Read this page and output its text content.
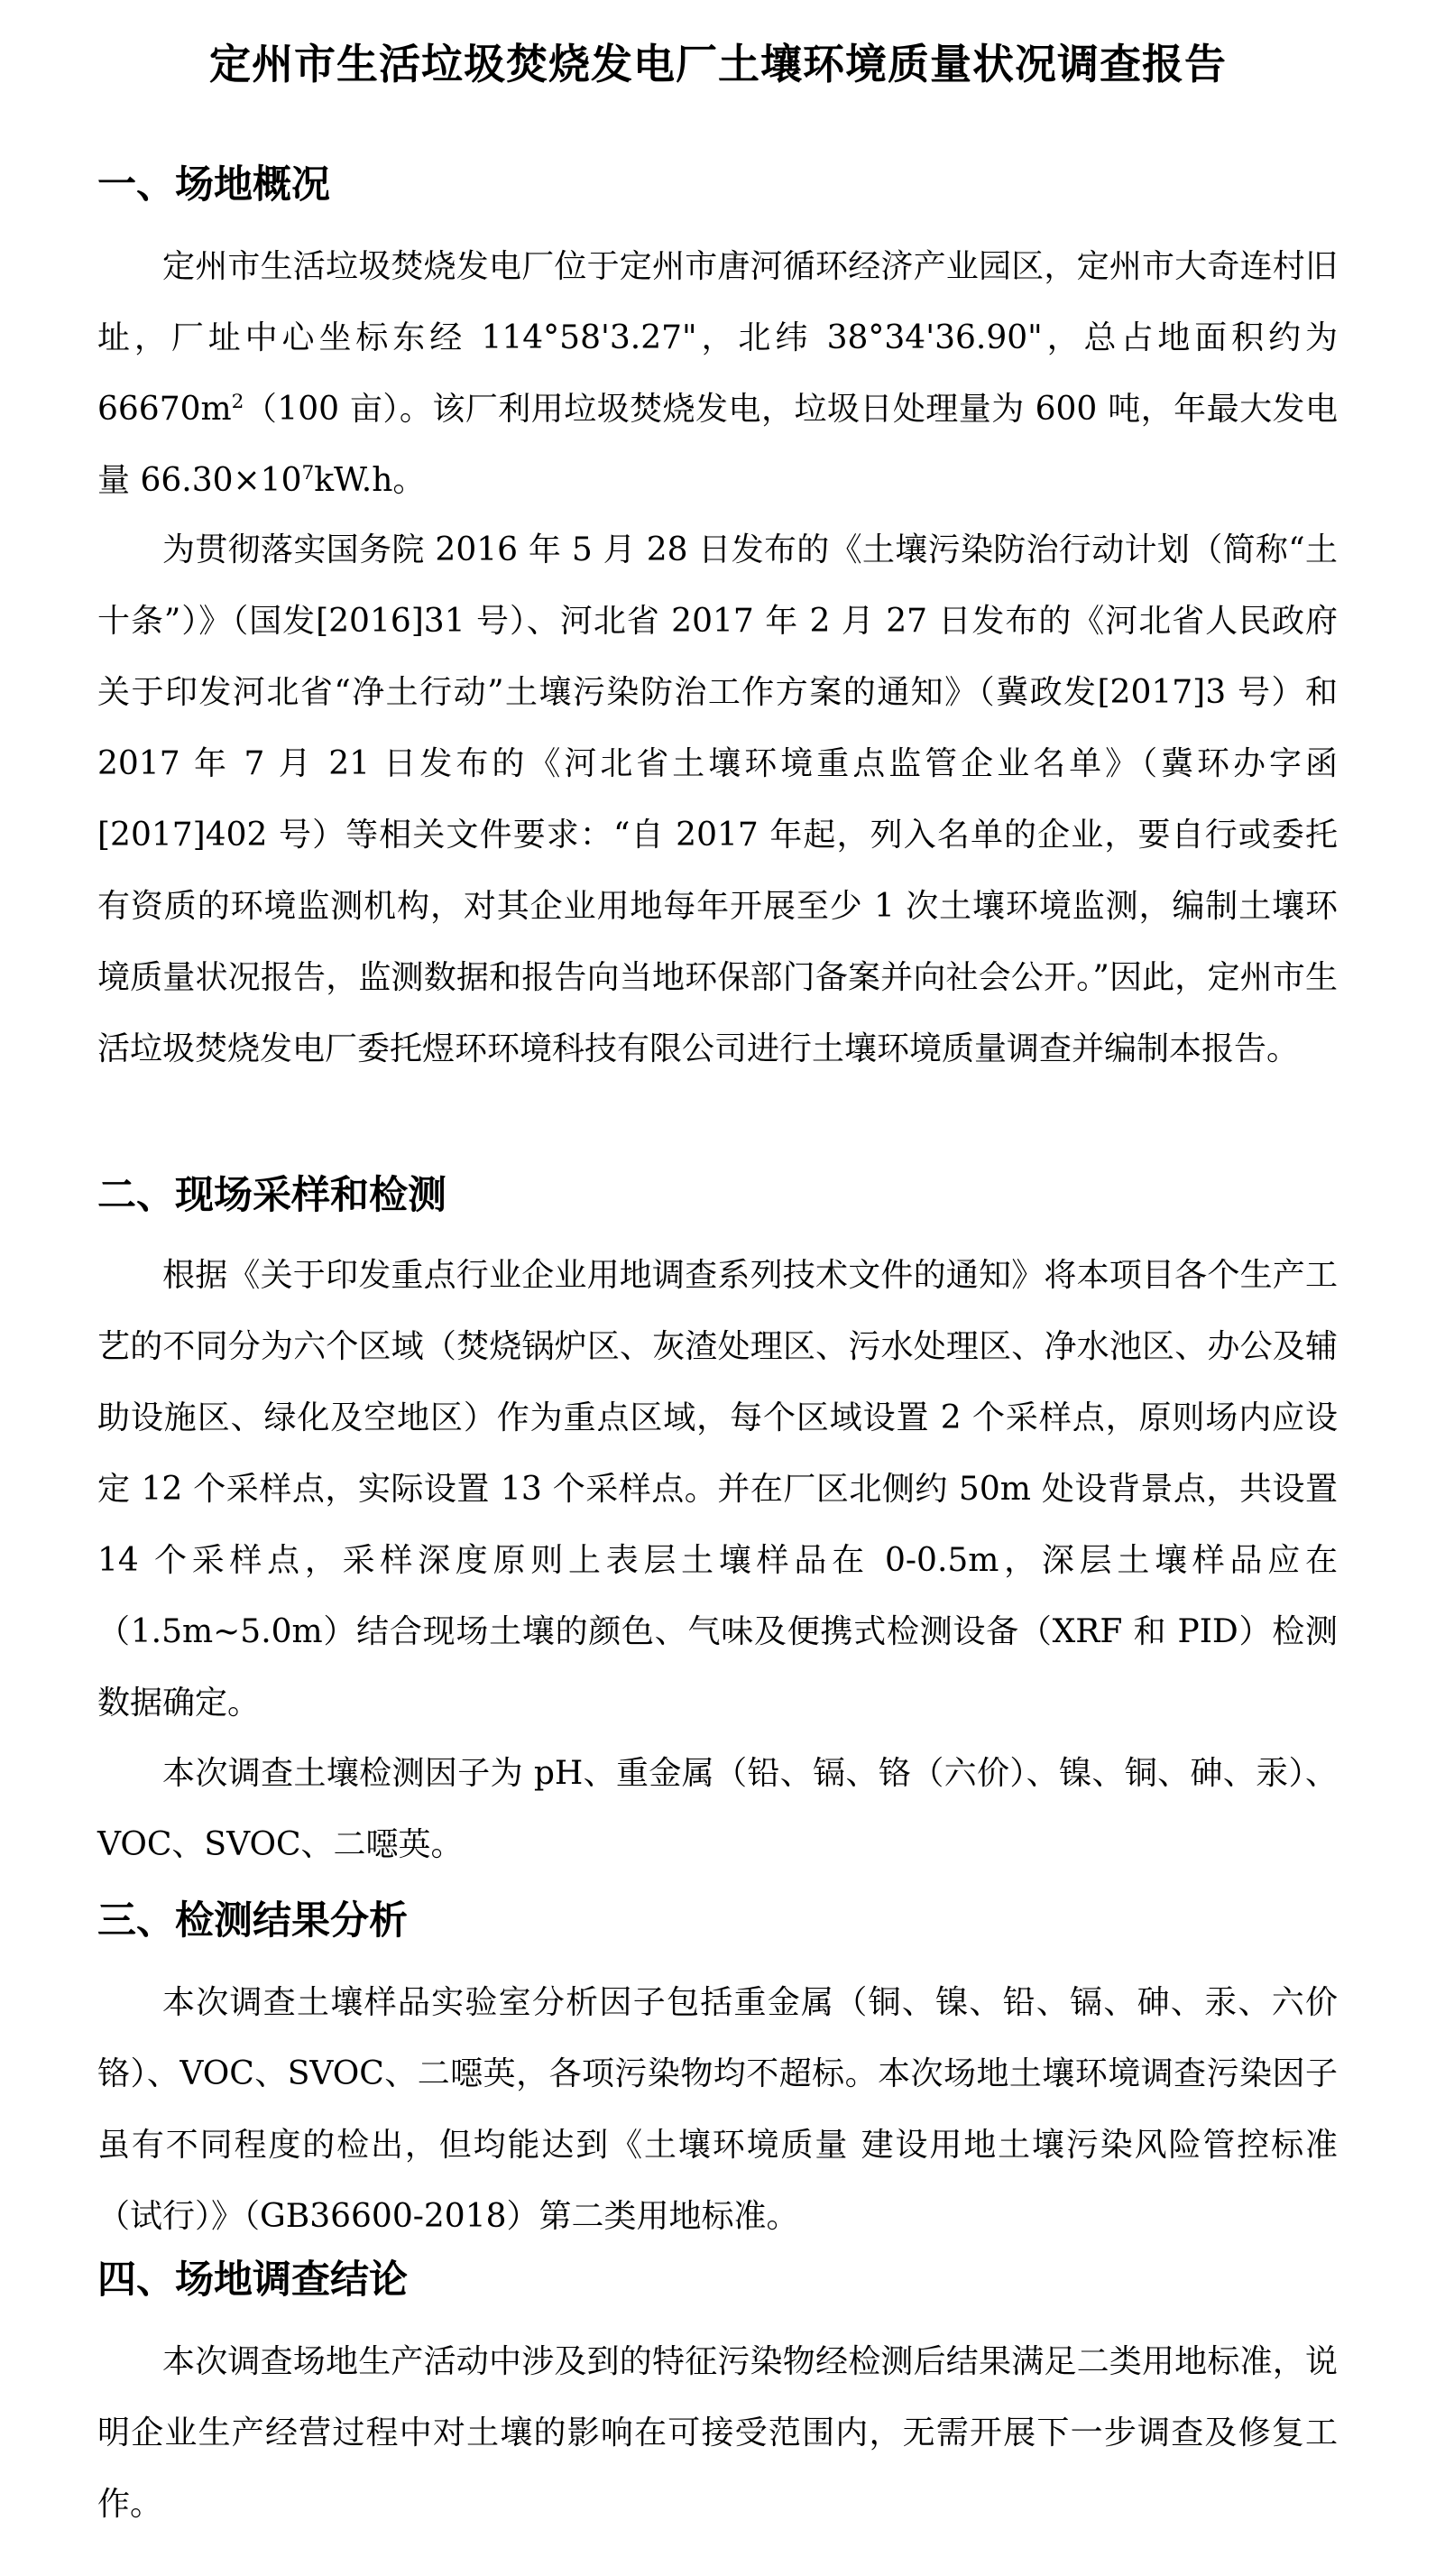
定州市生活垃圾焚烧发电厂土壤环境质量状况调查报告
一、场地概况

定州市生活垃圾焚烧发电厂位于定州市唐河循环经济产业园区，定州市大奇连村旧址，厂址中心坐标东经 114°58'3.27"，北纬 38°34'36.90"，总占地面积约为 $66670m^2(100$ 亩）。该厂利用垃圾焚烧发电，垃圾日处理量为 600 吨，年最大发电量 $66.30\times 10^7kW.h$。

为贯彻落实国务院 2016 年 5 月 28 日发布的《土壤污染防治行动计划（简称“土十条”）》（国发[2016]31 号）、河北省 2017 年 2 月 27 日发布的《河北省人民政府关于印发河北省“净土行动”土壤污染防治工作方案的通知》（冀政发[2017]3 号）和 2017 年 7 月 21 日发布的《河北省土壤环境重点监管企业名单》（冀环办字函[2017]402 号）等相关文件要求：“自 2017 年起，列入名单的企业，要自行或委托有资质的环境监测机构，对其企业用地每年开展至少 1 次土壤环境监测，编制土壤环境质量状况报告，监测数据和报告向当地环保部门备案并向社会公开。”因此，定州市生活垃圾焚烧发电厂委托煜环环境科技有限公司进行土壤环境质量调查并编制本报告。

二、现场采样和检测

根据《关于印发重点行业企业用地调查系列技术文件的通知》将本项目各个生产工艺的不同分为六个区域（焚烧锅炉区、灰渣处理区、污水处理区、净水池区、办公及辅助设施区、绿化及空地区）作为重点区域，每个区域设置 2 个采样点，原则场内应设定 12 个采样点，实际设置 13 个采样点。并在厂区北侧约 50m 处设背景点，共设置 14 个采样点，采样深度原则上表层土壤样品在 0-0.5m，深层土壤样品应在（1.5m~5.0m）结合现场土壤的颜色、气味及便携式检测设备（XRF 和 PID）检测数据确定。

本次调查土壤检测因子为 pH、重金属（铅、镉、铬（六价）、镍、铜、砷、汞）、VOC、SVOC、二噁英。

三、检测结果分析

本次调查土壤样品实验室分析因子包括重金属（铜、镍、铅、镉、砷、汞、六价铬）、VOC、SVOC、二噁英，各项污染物均不超标。本次场地土壤环境调查污染因子虽有不同程度的检出，但均能达到《土壤环境质量 建设用地土壤污染风险管控标准（试行）》（GB36600-2018）第二类用地标准。

四、场地调查结论

本次调查场地生产活动中涉及到的特征污染物经检测后结果满足二类用地标准，说明企业生产经营过程中对土壤的影响在可接受范围内，无需开展下一步调查及修复工作。
